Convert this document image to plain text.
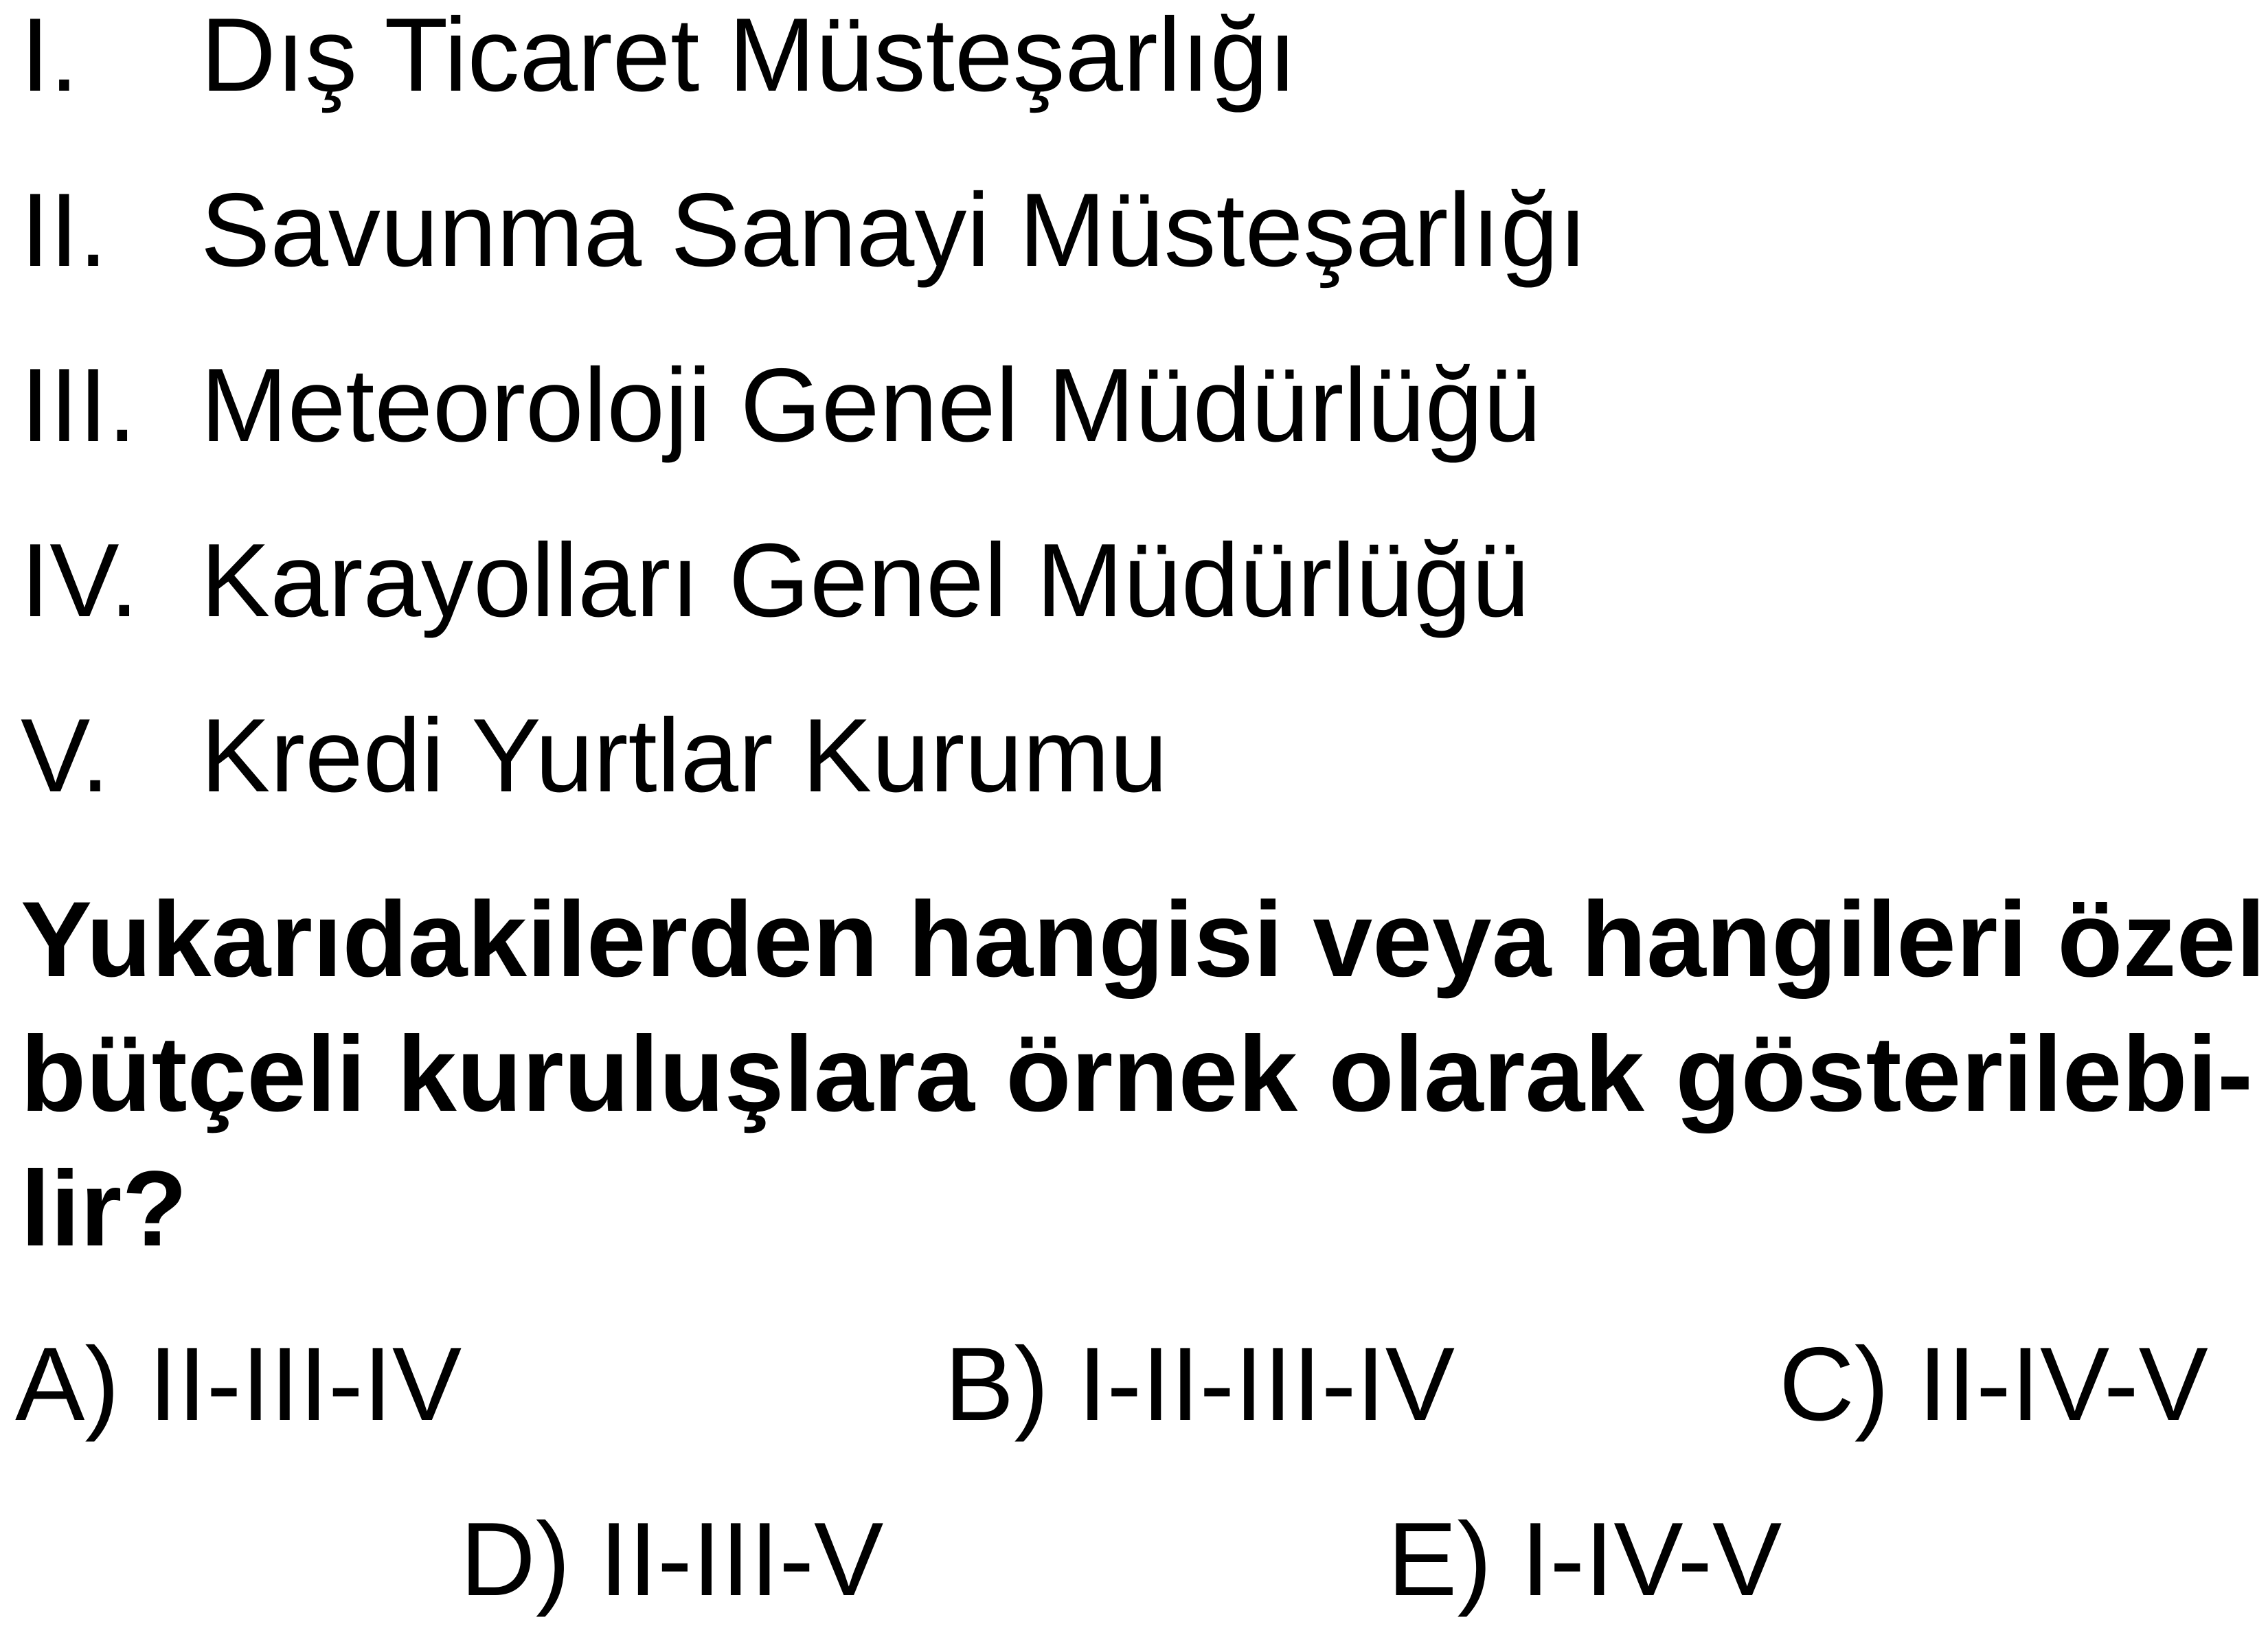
I. Dış Ticaret Müsteşarlığı
II. Savunma Sanayi Müsteşarlığı
III. Meteoroloji Genel Müdürlüğü
IV. Karayolları Genel Müdürlüğü
V. Kredi Yurtlar Kurumu
Yukarıdakilerden hangisi veya hangileri özel
bütçeli kuruluşlara örnek olarak gösterilebi-
lir?
A) II-III-IV	B) I-II-III-IV	C) II-IV-V
D) II-III-V	E) I-IV-V
